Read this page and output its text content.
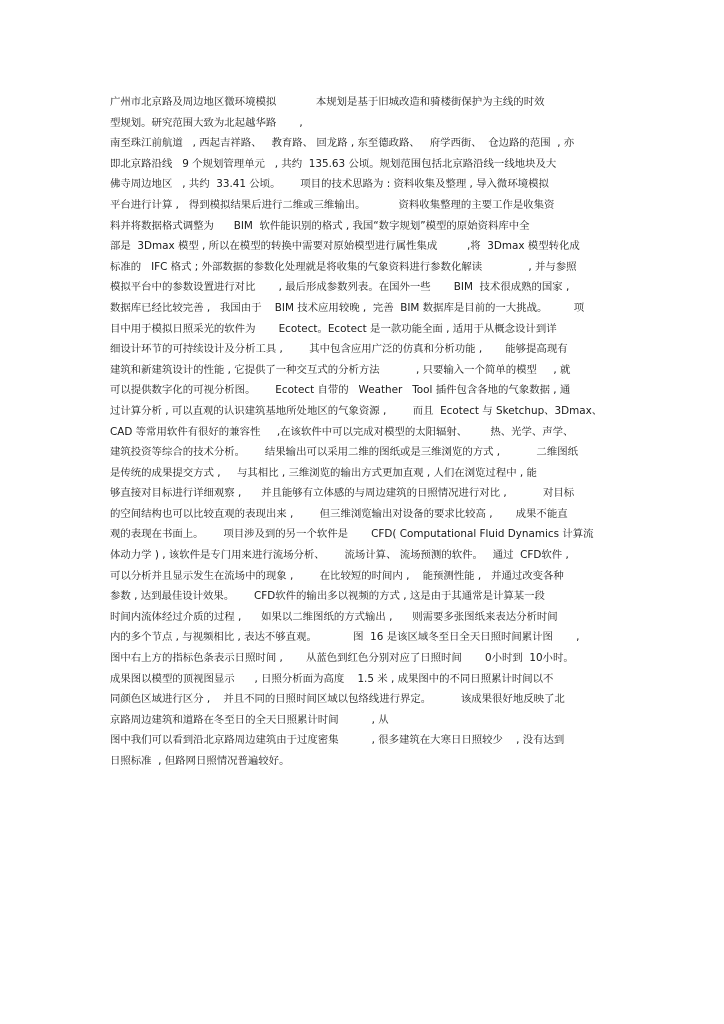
广州市北京路及周边地区微环境模拟            本规划是基于旧城改造和骑楼街保护为主线的时效
型规划。研究范围大致为北起越华路       ,
南至珠江前航道   , 西起吉祥路、   教育路、 回龙路 , 东至德政路、   府学西街、  仓边路的范围  , 亦
即北京路沿线   9 个规划管理单元   , 共约  135.63 公顷。规划范围包括北京路沿线一线地块及大
佛寺周边地区   , 共约  33.41 公顷。      项目的技术思路为 : 资料收集及整理 , 导入微环境模拟
平台进行计算 ,   得到模拟结果后进行二维或三维输出。          资料收集整理的主要工作是收集资
料并将数据格式调整为      BIM  软件能识别的格式 , 我国“数字规划”模型的原始资料库中全
部是  3Dmax 模型 , 所以在模型的转换中需要对原始模型进行属性集成         ,将  3Dmax 模型转化成
标准的   IFC 格式 ; 外部数据的参数化处理就是将收集的气象资料进行参数化解读              , 并与参照
模拟平台中的参数设置进行对比       , 最后形成参数列表。在国外一些       BIM  技术很成熟的国家 ,
数据库已经比较完善 ,   我国由于    BIM 技术应用较晚 ,  完善  BIM 数据库是目前的一大挑战。        项
目中用于模拟日照采光的软件为       Ecotect。Ecotect 是一款功能全面 , 适用于从概念设计到详
细设计环节的可持续设计及分析工具 ,        其中包含应用广泛的仿真和分析功能 ,       能够提高现有
建筑和新建筑设计的性能 , 它提供了一种交互式的分析方法           , 只要输入一个简单的模型     , 就
可以提供数字化的可视分析图。      Ecotect 自带的   Weather   Tool 插件包含各地的气象数据 , 通
过计算分析 , 可以直观的认识建筑基地所处地区的气象资源 ,        而且  Ecotect 与 Sketchup、3Dmax、
CAD 等常用软件有很好的兼容性     ,在该软件中可以完成对模型的太阳辐射、       热、光学、声学、
建筑投资等综合的技术分析。      结果输出可以采用二维的图纸或是三维浏览的方式 ,           二维图纸
是传统的成果提交方式 ,     与其相比 , 三维浏览的输出方式更加直观 , 人们在浏览过程中 , 能
够直接对目标进行详细观察 ,      并且能够有立体感的与周边建筑的日照情况进行对比 ,           对目标
的空间结构也可以比较直观的表现出来 ,        但三维浏览输出对设备的要求比较高 ,       成果不能直
观的表现在书面上。      项目涉及到的另一个软件是       CFD( Computational Fluid Dynamics 计算流
体动力学 ) , 该软件是专门用来进行流场分析、      流场计算、 流场预测的软件。   通过  CFD软件 ,
可以分析并且显示发生在流场中的现象 ,        在比较短的时间内 ,    能预测性能 ,   并通过改变各种
参数 , 达到最佳设计效果。      CFD软件的输出多以视频的方式 , 这是由于其通常是计算某一段
时间内流体经过介质的过程 ,      如果以二维图纸的方式输出 ,      则需要多张图纸来表达分析时间
内的多个节点 , 与视频相比 , 表达不够直观。           图  16 是该区域冬至日全天日照时间累计图       ,
图中右上方的指标色条表示日照时间 ,       从蓝色到红色分别对应了日照时间       0小时到  10小时。
成果图以模型的顶视图显示      , 日照分析面为高度    1.5 米 , 成果图中的不同日照累计时间以不
同颜色区域进行区分 ,    并且不同的日照时间区域以包络线进行界定。         该成果很好地反映了北
京路周边建筑和道路在冬至日的全天日照累计时间          , 从
图中我们可以看到沿北京路周边建筑由于过度密集          , 很多建筑在大寒日日照较少    , 没有达到
日照标准  , 但路网日照情况普遍较好。
